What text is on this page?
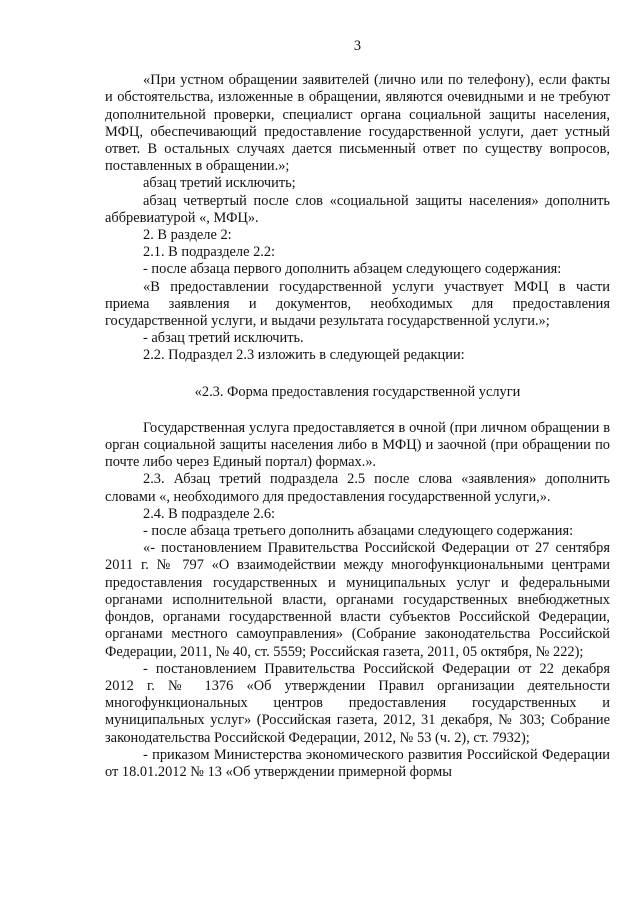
3

«При устном обращении заявителей (лично или по телефону), если факты и обстоятельства, изложенные в обращении, являются очевидными и не требуют дополнительной проверки, специалист органа социальной защиты населения, МФЦ, обеспечивающий предоставление государственной услуги, дает устный ответ. В остальных случаях дается письменный ответ по существу вопросов, поставленных в обращении.»;

абзац третий исключить;

абзац четвертый после слов «социальной защиты населения» дополнить аббревиатурой «, МФЦ».

2. В разделе 2:

2.1. В подразделе 2.2:

- после абзаца первого дополнить абзацем следующего содержания:

«В предоставлении государственной услуги участвует МФЦ в части приема заявления и документов, необходимых для предоставления государственной услуги, и выдачи результата государственной услуги.»;

- абзац третий исключить.

2.2. Подраздел 2.3 изложить в следующей редакции:

«2.3. Форма предоставления государственной услуги

Государственная услуга предоставляется в очной (при личном обращении в орган социальной защиты населения либо в МФЦ) и заочной (при обращении по почте либо через Единый портал) формах.».

2.3. Абзац третий подраздела 2.5 после слова «заявления» дополнить словами «, необходимого для предоставления государственной услуги,».

2.4. В подразделе 2.6:

- после абзаца третьего дополнить абзацами следующего содержания:

«- постановлением Правительства Российской Федерации от 27 сентября 2011 г. № 797 «О взаимодействии между многофункциональными центрами предоставления государственных и муниципальных услуг и федеральными органами исполнительной власти, органами государственных внебюджетных фондов, органами государственной власти субъектов Российской Федерации, органами местного самоуправления» (Собрание законодательства Российской Федерации, 2011, № 40, ст. 5559; Российская газета, 2011, 05 октября, № 222);

- постановлением Правительства Российской Федерации от 22 декабря 2012 г. № 1376 «Об утверждении Правил организации деятельности многофункциональных центров предоставления государственных и муниципальных услуг» (Российская газета, 2012, 31 декабря, № 303; Собрание законодательства Российской Федерации, 2012, № 53 (ч. 2), ст. 7932);

- приказом Министерства экономического развития Российской Федерации от 18.01.2012 № 13 «Об утверждении примерной формы
